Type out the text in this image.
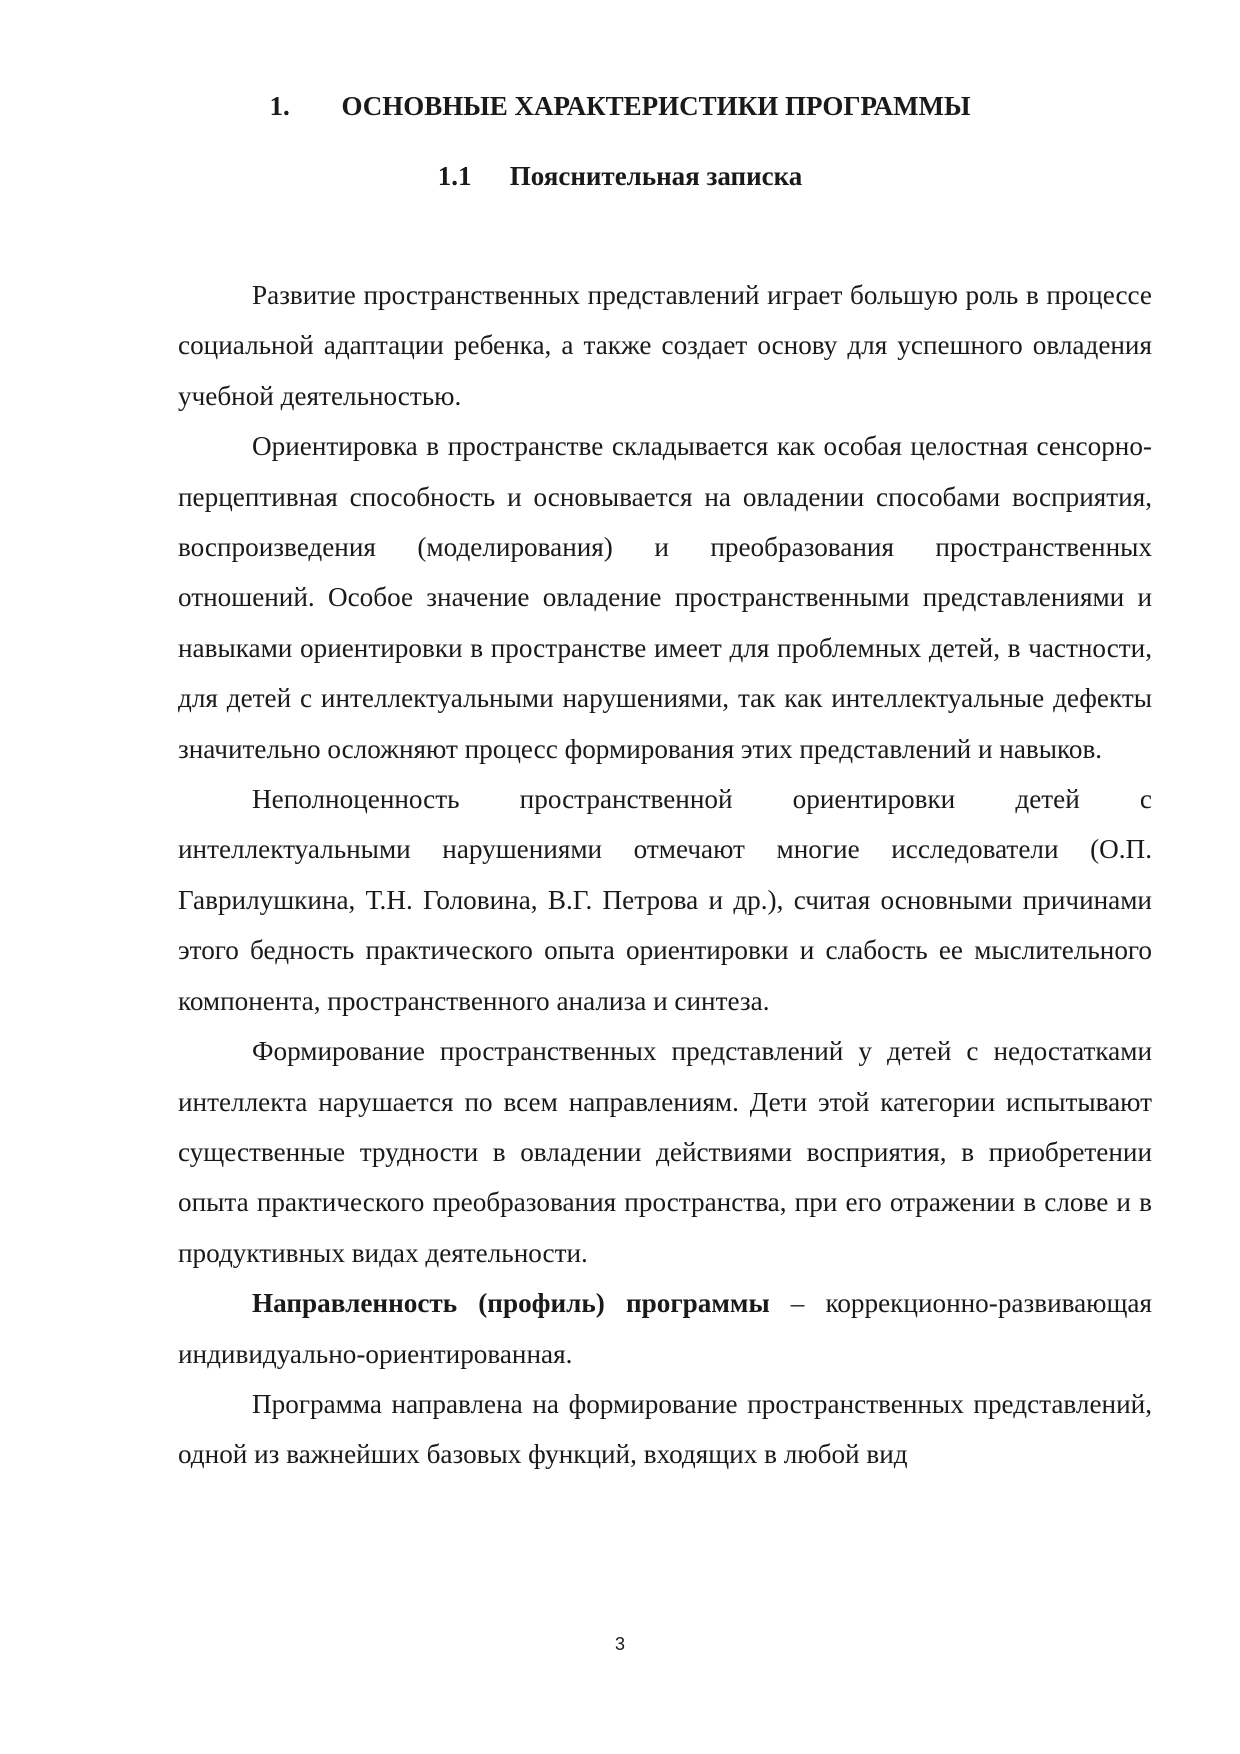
1. ОСНОВНЫЕ ХАРАКТЕРИСТИКИ ПРОГРАММЫ
1.1 Пояснительная записка

Развитие пространственных представлений играет большую роль в процессе социальной адаптации ребенка, а также создает основу для успешного овладения учебной деятельностью.

Ориентировка в пространстве складывается как особая целостная сенсорно-перцептивная способность и основывается на овладении способами восприятия, воспроизведения (моделирования) и преобразования пространственных отношений. Особое значение овладение пространственными представлениями и навыками ориентировки в пространстве имеет для проблемных детей, в частности, для детей с интеллектуальными нарушениями, так как интеллектуальные дефекты значительно осложняют процесс формирования этих представлений и навыков.

Неполноценность пространственной ориентировки детей с интеллектуальными нарушениями отмечают многие исследователи (О.П. Гаврилушкина, Т.Н. Головина, В.Г. Петрова и др.), считая основными причинами этого бедность практического опыта ориентировки и слабость ее мыслительного компонента, пространственного анализа и синтеза.

Формирование пространственных представлений у детей с недостатками интеллекта нарушается по всем направлениям. Дети этой категории испытывают существенные трудности в овладении действиями восприятия, в приобретении опыта практического преобразования пространства, при его отражении в слове и в продуктивных видах деятельности.

Направленность (профиль) программы – коррекционно-развивающая индивидуально-ориентированная.

Программа направлена на формирование пространственных представлений, одной из важнейших базовых функций, входящих в любой вид

3
